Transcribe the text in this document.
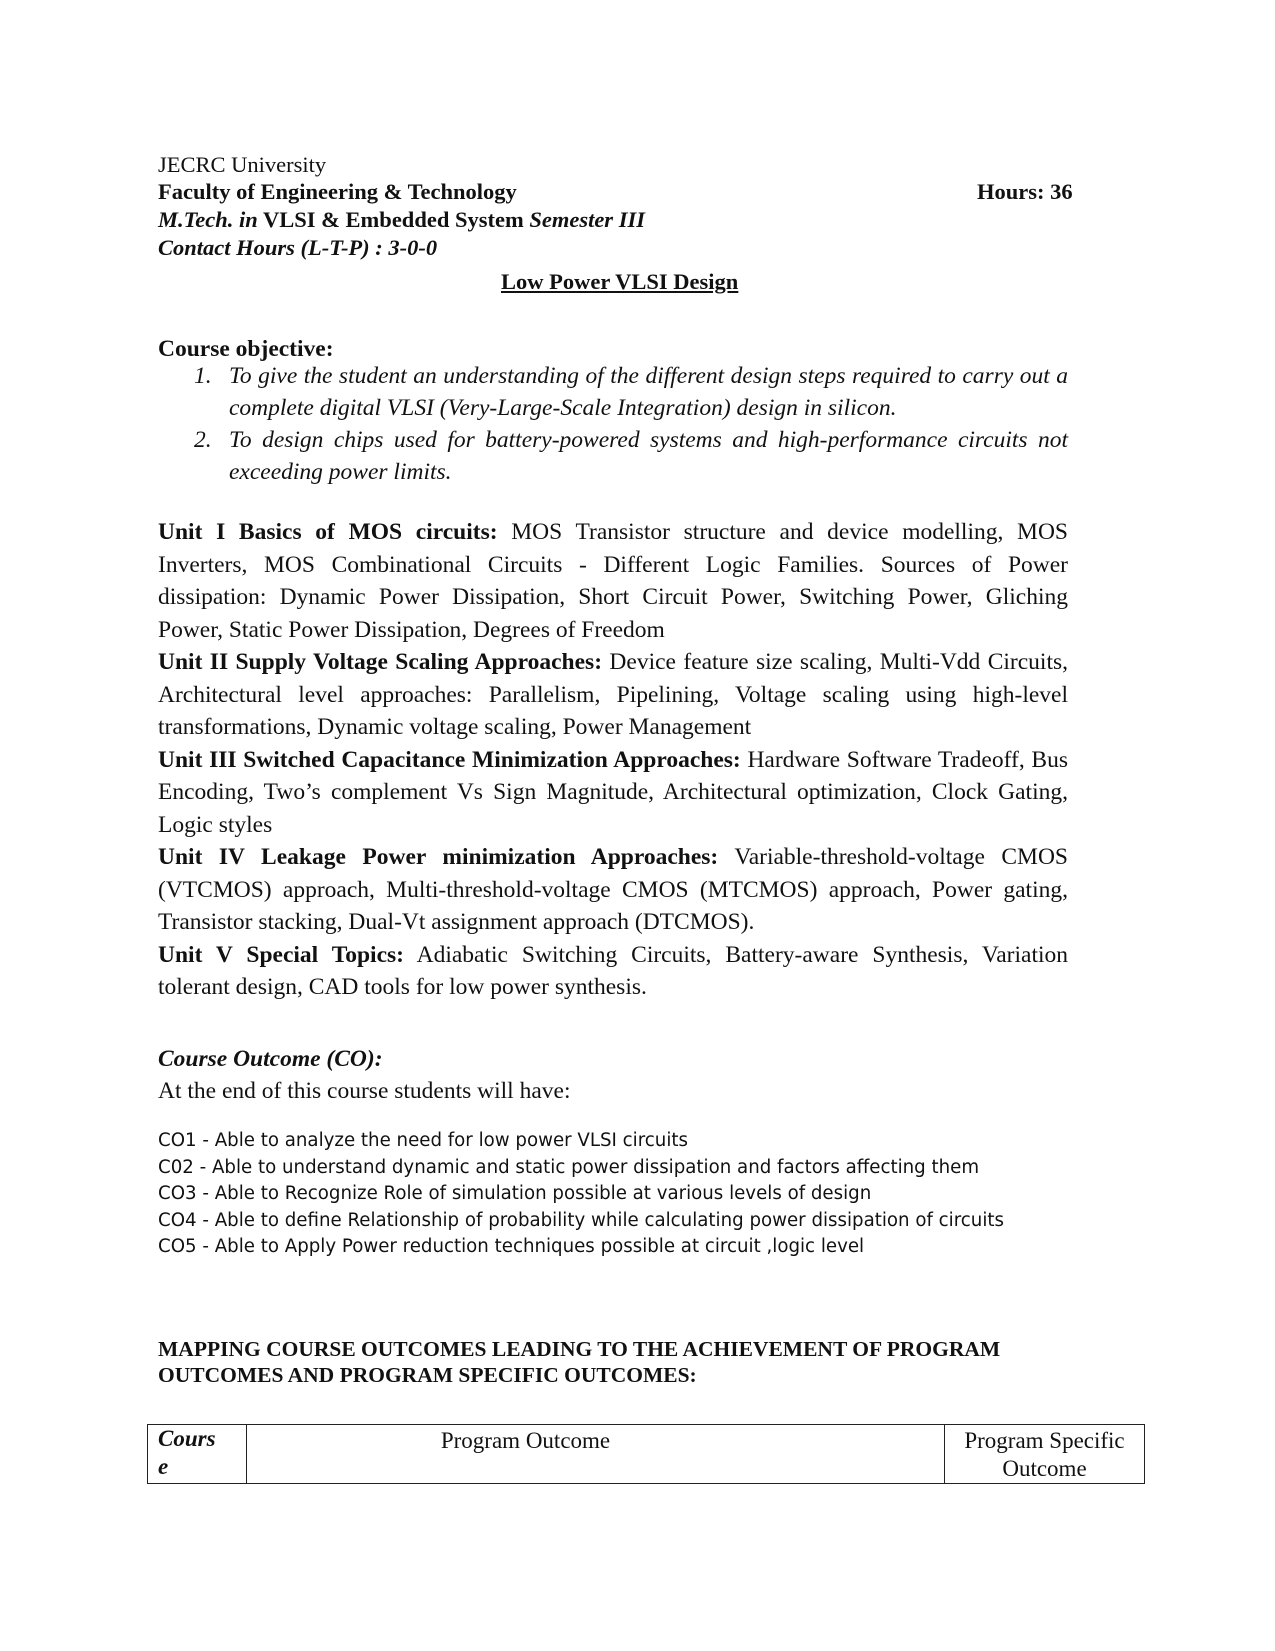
JECRC University
Faculty of Engineering & Technology	Hours: 36
M.Tech. in VLSI & Embedded System Semester III
Contact Hours (L-T-P) : 3-0-0
Low Power VLSI Design
Course objective:
1. To give the student an understanding of the different design steps required to carry out a complete digital VLSI (Very-Large-Scale Integration) design in silicon.
2. To design chips used for battery-powered systems and high-performance circuits not exceeding power limits.

Unit I Basics of MOS circuits: MOS Transistor structure and device modelling, MOS Inverters, MOS Combinational Circuits - Different Logic Families. Sources of Power dissipation: Dynamic Power Dissipation, Short Circuit Power, Switching Power, Gliching Power, Static Power Dissipation, Degrees of Freedom

Unit II Supply Voltage Scaling Approaches: Device feature size scaling, Multi-Vdd Circuits, Architectural level approaches: Parallelism, Pipelining, Voltage scaling using high-level transformations, Dynamic voltage scaling, Power Management

Unit III Switched Capacitance Minimization Approaches: Hardware Software Tradeoff, Bus Encoding, Two’s complement Vs Sign Magnitude, Architectural optimization, Clock Gating, Logic styles

Unit IV Leakage Power minimization Approaches: Variable-threshold-voltage CMOS (VTCMOS) approach, Multi-threshold-voltage CMOS (MTCMOS) approach, Power gating, Transistor stacking, Dual-Vt assignment approach (DTCMOS).

Unit V Special Topics: Adiabatic Switching Circuits, Battery-aware Synthesis, Variation tolerant design, CAD tools for low power synthesis.

Course Outcome (CO):
At the end of this course students will have:
CO1 - Able to analyze the need for low power VLSI circuits
C02 - Able to understand dynamic and static power dissipation and factors affecting them
CO3 - Able to Recognize Role of simulation possible at various levels of design
CO4 - Able to define Relationship of probability while calculating power dissipation of circuits
CO5 - Able to Apply Power reduction techniques possible at circuit ,logic level
MAPPING COURSE OUTCOMES LEADING TO THE ACHIEVEMENT OF PROGRAM
OUTCOMES AND PROGRAM SPECIFIC OUTCOMES:
Cours
e
	Program Outcome	Program Specific
Outcome
